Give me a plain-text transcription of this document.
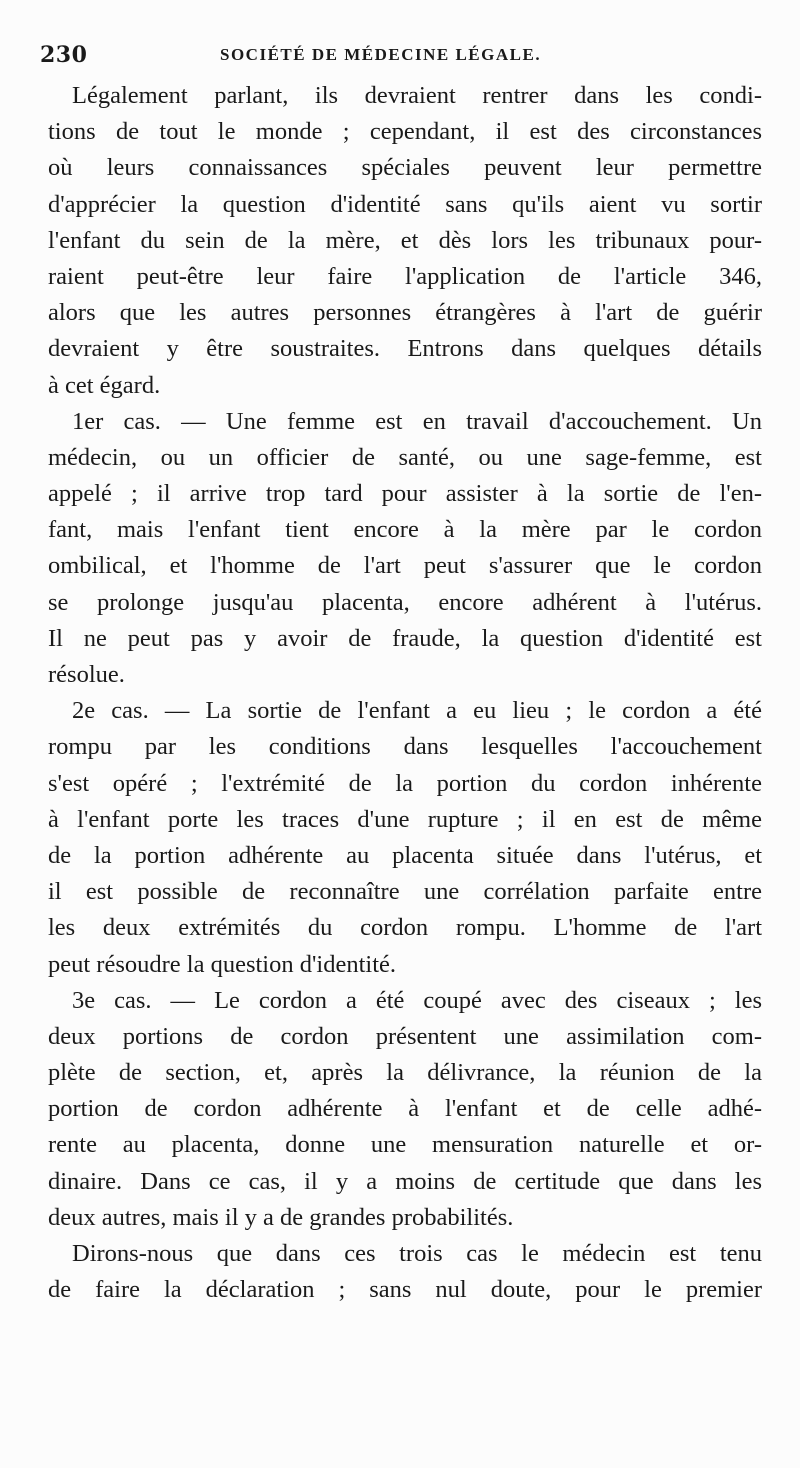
230	SOCIÉTÉ DE MÉDECINE LÉGALE.
Légalement parlant, ils devraient rentrer dans les condi-
tions de tout le monde ; cependant, il est des circonstances
où leurs connaissances spéciales peuvent leur permettre
d'apprécier la question d'identité sans qu'ils aient vu sortir
l'enfant du sein de la mère, et dès lors les tribunaux pour-
raient peut-être leur faire l'application de l'article 346,
alors que les autres personnes étrangères à l'art de guérir
devraient y être soustraites. Entrons dans quelques détails
à cet égard.
1er cas. — Une femme est en travail d'accouchement. Un
médecin, ou un officier de santé, ou une sage-femme, est
appelé ; il arrive trop tard pour assister à la sortie de l'en-
fant, mais l'enfant tient encore à la mère par le cordon
ombilical, et l'homme de l'art peut s'assurer que le cordon
se prolonge jusqu'au placenta, encore adhérent à l'utérus.
Il ne peut pas y avoir de fraude, la question d'identité est
résolue.
2e cas. — La sortie de l'enfant a eu lieu ; le cordon a été
rompu par les conditions dans lesquelles l'accouchement
s'est opéré ; l'extrémité de la portion du cordon inhérente
à l'enfant porte les traces d'une rupture ; il en est de même
de la portion adhérente au placenta située dans l'utérus, et
il est possible de reconnaître une corrélation parfaite entre
les deux extrémités du cordon rompu. L'homme de l'art
peut résoudre la question d'identité.
3e cas. — Le cordon a été coupé avec des ciseaux ; les
deux portions de cordon présentent une assimilation com-
plète de section, et, après la délivrance, la réunion de la
portion de cordon adhérente à l'enfant et de celle adhé-
rente au placenta, donne une mensuration naturelle et or-
dinaire. Dans ce cas, il y a moins de certitude que dans les
deux autres, mais il y a de grandes probabilités.
Dirons-nous que dans ces trois cas le médecin est tenu
de faire la déclaration ; sans nul doute, pour le premier
